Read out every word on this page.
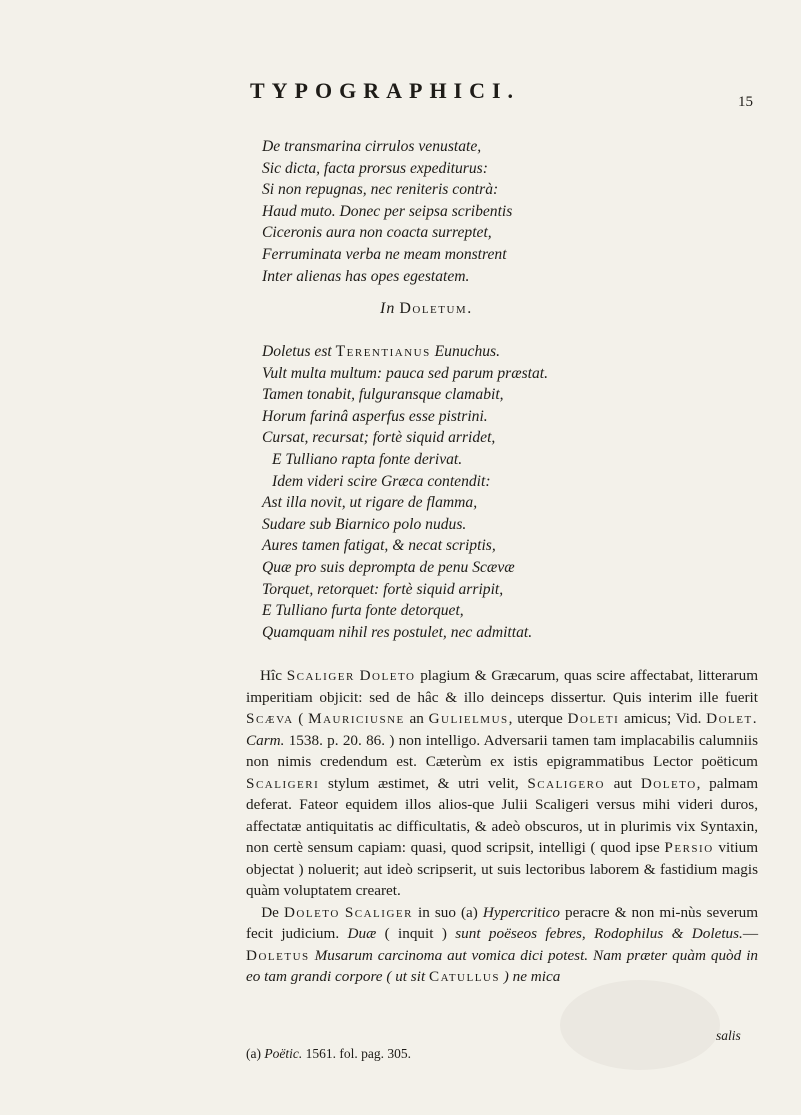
TYPOGRAPHICI.	15
De transmarina cirrulos venustate,
Sic dicta, facta prorsus expediturus:
Si non repugnas, nec reniteris contrà:
Haud muto. Donec per seipsa scribentis
Ciceronis aura non coacta surreptet,
Ferruminata verba ne meam monstrent
Inter alienas has opes egestatem.
In Doletum.
Doletus est Terentianus Eunuchus.
Vult multa multum: pauca sed parum præstat.
Tamen tonabit, fulguransque clamabit,
Horum farinâ asperfus esse pistrini.
Cursat, recursat; fortè siquid arridet,
E Tulliano rapta fonte derivat.
Idem videri scire Græca contendit:
Ast illa novit, ut rigare de flamma,
Sudare sub Biarnico polo nudus.
Aures tamen fatigat, & necat scriptis,
Quæ pro suis deprompta de penu Scævæ
Torquet, retorquet: fortè siquid arripit,
E Tulliano furta fonte detorquet,
Quamquam nihil res postulet, nec admittat.
Hîc Scaliger Doleto plagium & Græcarum, quas scire affectabat, litterarum imperitiam objicit: sed de hâc & illo deinceps dissertur. Quis interim ille fuerit Scæva ( Mauriciusne an Gulielmus, uterque Doleti amicus; Vid. Dolet. Carm. 1538. p. 20. 86. ) non intelligo. Adversarii tamen tam implacabilis calumniis non nimis credendum est. Cæterùm ex istis epigrammatibus Lector poëticum Scaligeri stylum æstimet, & utri velit, Scaligero aut Doleto, palmam deferat. Fateor equidem illos alios-que Julii Scaligeri versus mihi videri duros, affectatæ antiquitatis ac difficultatis, & adeò obscuros, ut in plurimis vix Syntaxin, non certè sensum capiam: quasi, quod scripsit, intelligi ( quod ipse Persio vitium objectat ) noluerit; aut ideò scripserit, ut suis lectoribus laborem & fastidium magis quàm voluptatem crearet.
 De Doleto Scaliger in suo (a) Hypercritico peracre & non mi-nùs severum fecit judicium. Duæ ( inquit ) sunt poëseos febres, Rodophilus & Doletus.—Doletus Musarum carcinoma aut vomica dici potest. Nam præter quàm quòd in eo tam grandi corpore ( ut sit Catullus ) ne mica
salis
(a) Poëtic. 1561. fol. pag. 305.
